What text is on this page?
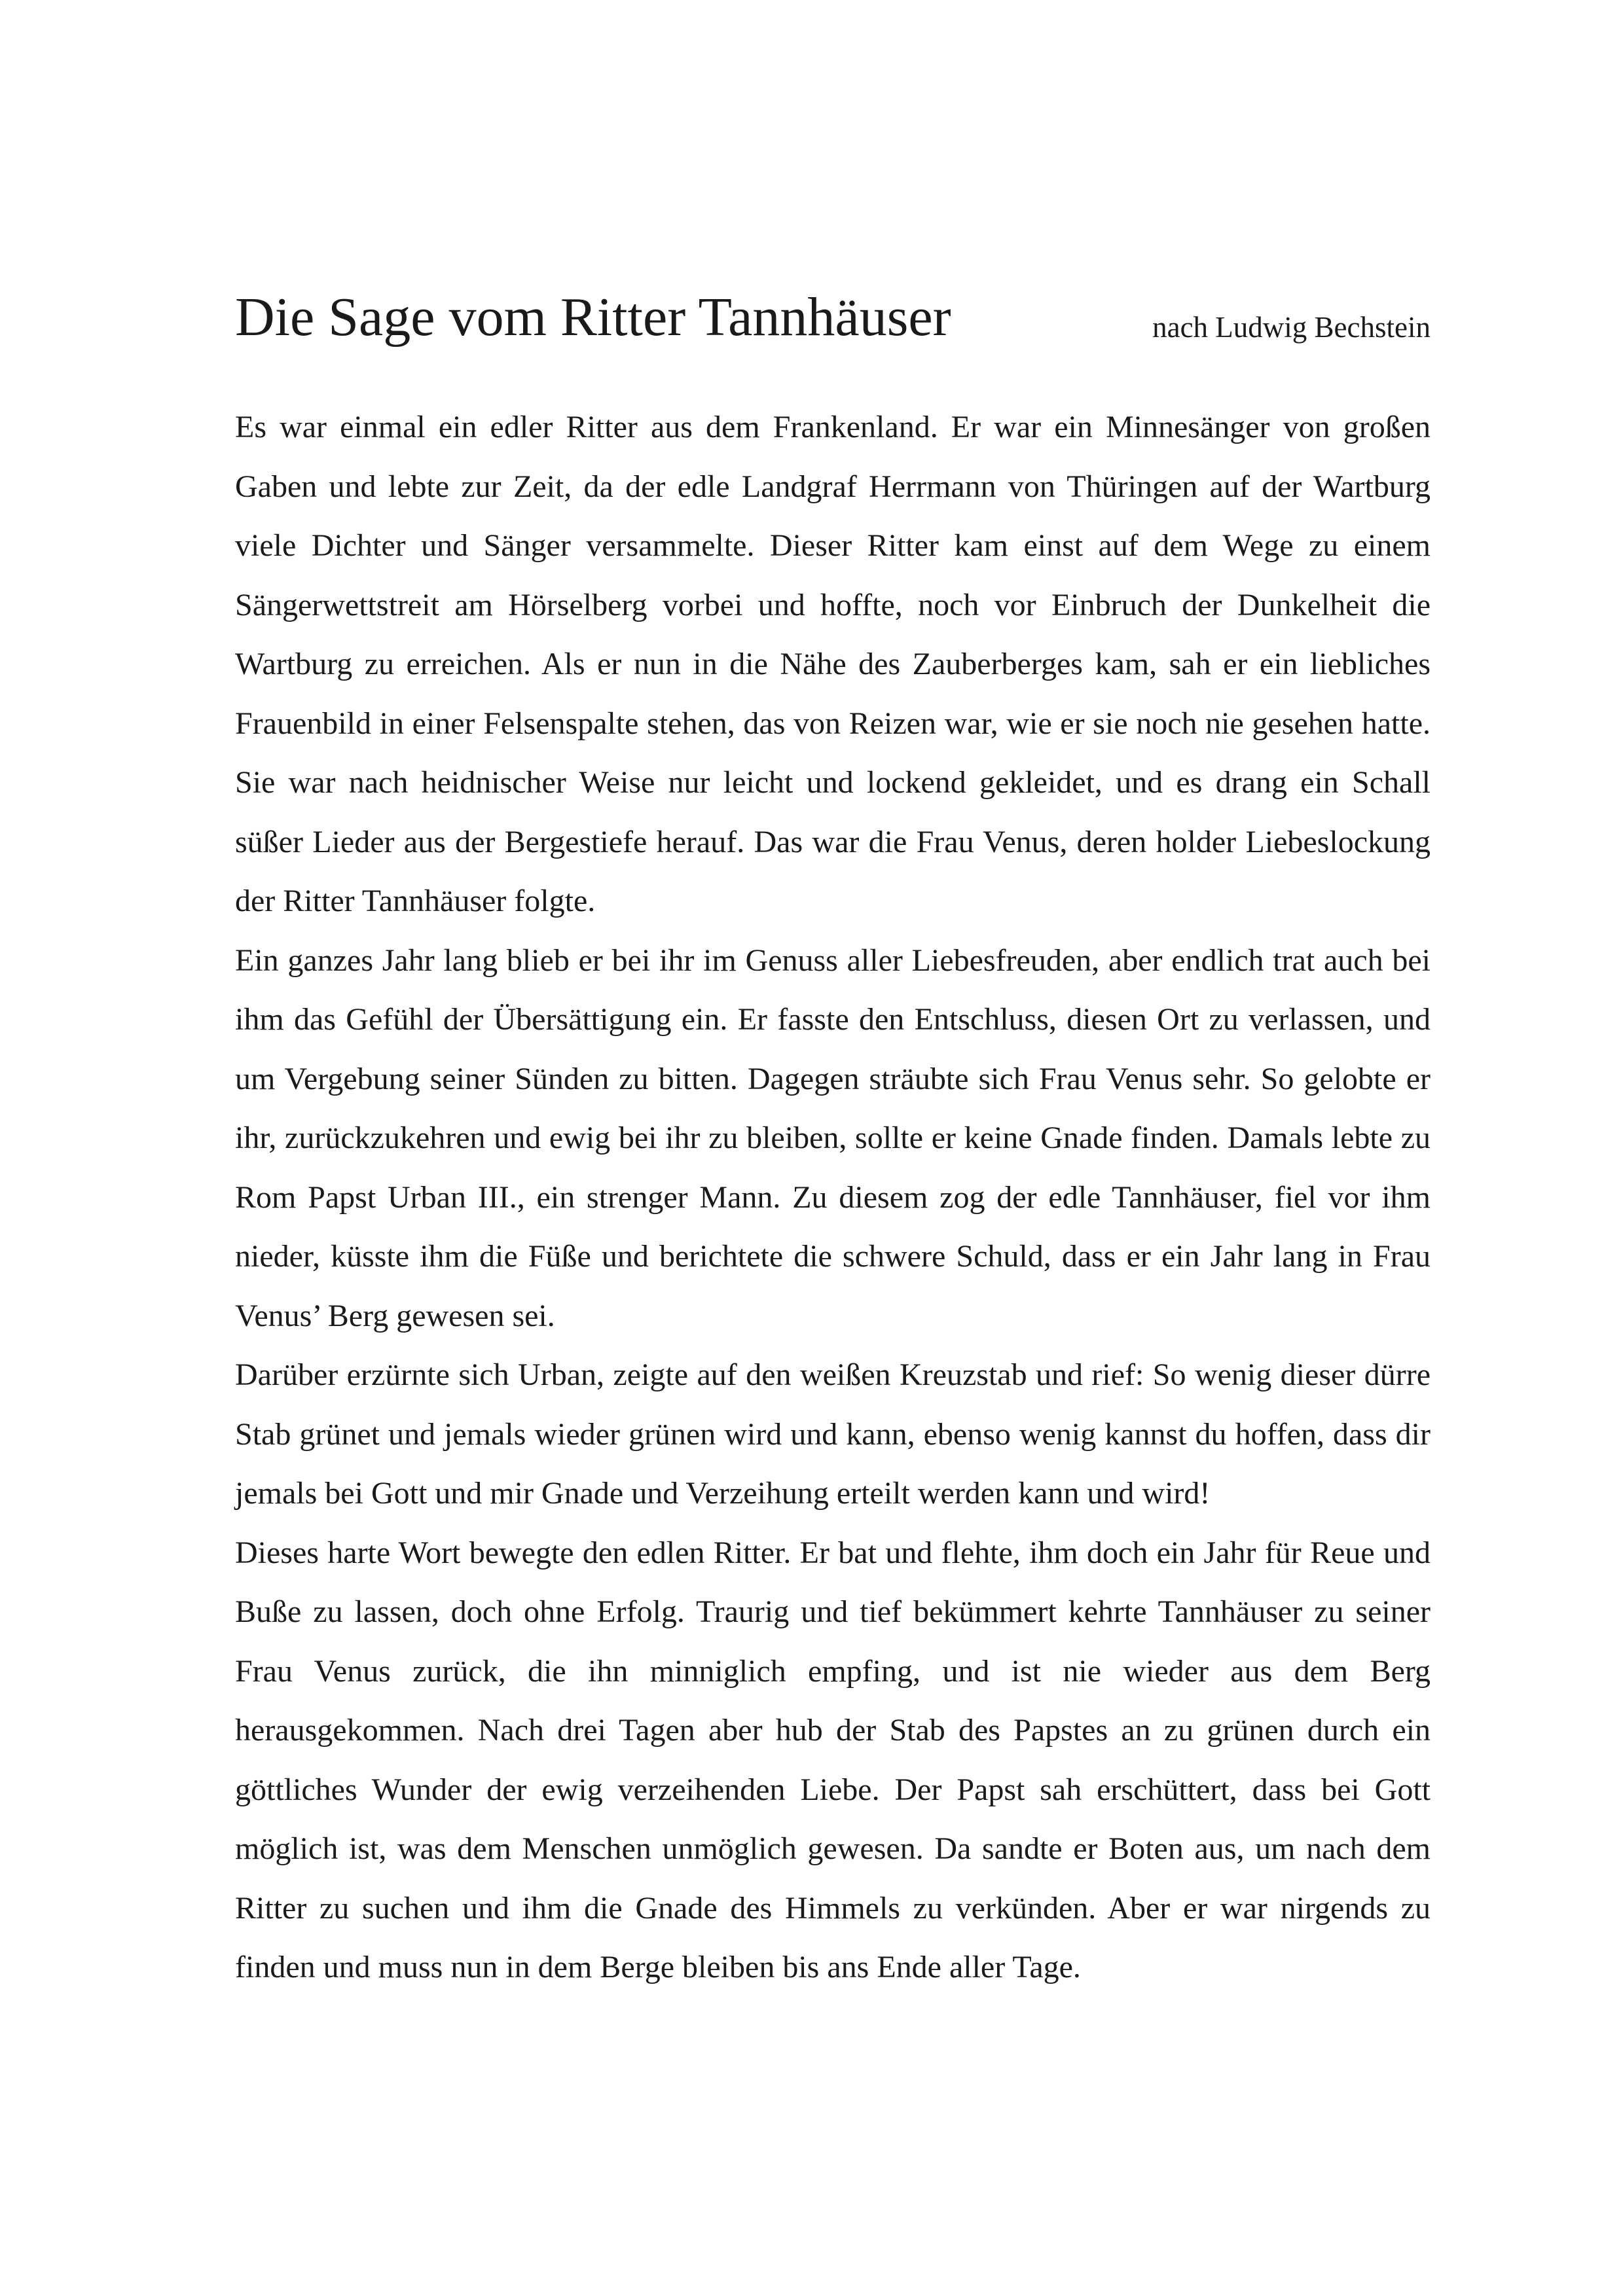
Die Sage vom Ritter Tannhäuser	nach Ludwig Bechstein

Es war einmal ein edler Ritter aus dem Frankenland. Er war ein Minnesänger von großen Gaben und lebte zur Zeit, da der edle Landgraf Herrmann von Thüringen auf der Wartburg viele Dichter und Sänger versammelte. Dieser Ritter kam einst auf dem Wege zu einem Sängerwettstreit am Hörselberg vorbei und hoffte, noch vor Einbruch der Dunkelheit die Wartburg zu erreichen. Als er nun in die Nähe des Zauberberges kam, sah er ein liebliches Frauenbild in einer Felsenspalte stehen, das von Reizen war, wie er sie noch nie gesehen hatte. Sie war nach heidnischer Weise nur leicht und lockend gekleidet, und es drang ein Schall süßer Lieder aus der Bergestiefe herauf. Das war die Frau Venus, deren holder Liebeslockung der Ritter Tannhäuser folgte.

Ein ganzes Jahr lang blieb er bei ihr im Genuss aller Liebesfreuden, aber endlich trat auch bei ihm das Gefühl der Übersättigung ein. Er fasste den Entschluss, diesen Ort zu verlassen, und um Vergebung seiner Sünden zu bitten. Dagegen sträubte sich Frau Venus sehr. So gelobte er ihr, zurückzukehren und ewig bei ihr zu bleiben, sollte er keine Gnade finden. Damals lebte zu Rom Papst Urban III., ein strenger Mann. Zu diesem zog der edle Tannhäuser, fiel vor ihm nieder, küsste ihm die Füße und berichtete die schwere Schuld, dass er ein Jahr lang in Frau Venus’ Berg gewesen sei.

Darüber erzürnte sich Urban, zeigte auf den weißen Kreuzstab und rief: So wenig dieser dürre Stab grünet und jemals wieder grünen wird und kann, ebenso wenig kannst du hoffen, dass dir jemals bei Gott und mir Gnade und Verzeihung erteilt werden kann und wird!

Dieses harte Wort bewegte den edlen Ritter. Er bat und flehte, ihm doch ein Jahr für Reue und Buße zu lassen, doch ohne Erfolg. Traurig und tief bekümmert kehrte Tannhäuser zu seiner Frau Venus zurück, die ihn minniglich empfing, und ist nie wieder aus dem Berg herausgekommen. Nach drei Tagen aber hub der Stab des Papstes an zu grünen durch ein göttliches Wunder der ewig verzeihenden Liebe. Der Papst sah erschüttert, dass bei Gott möglich ist, was dem Menschen unmöglich gewesen. Da sandte er Boten aus, um nach dem Ritter zu suchen und ihm die Gnade des Himmels zu verkünden. Aber er war nirgends zu finden und muss nun in dem Berge bleiben bis ans Ende aller Tage.
